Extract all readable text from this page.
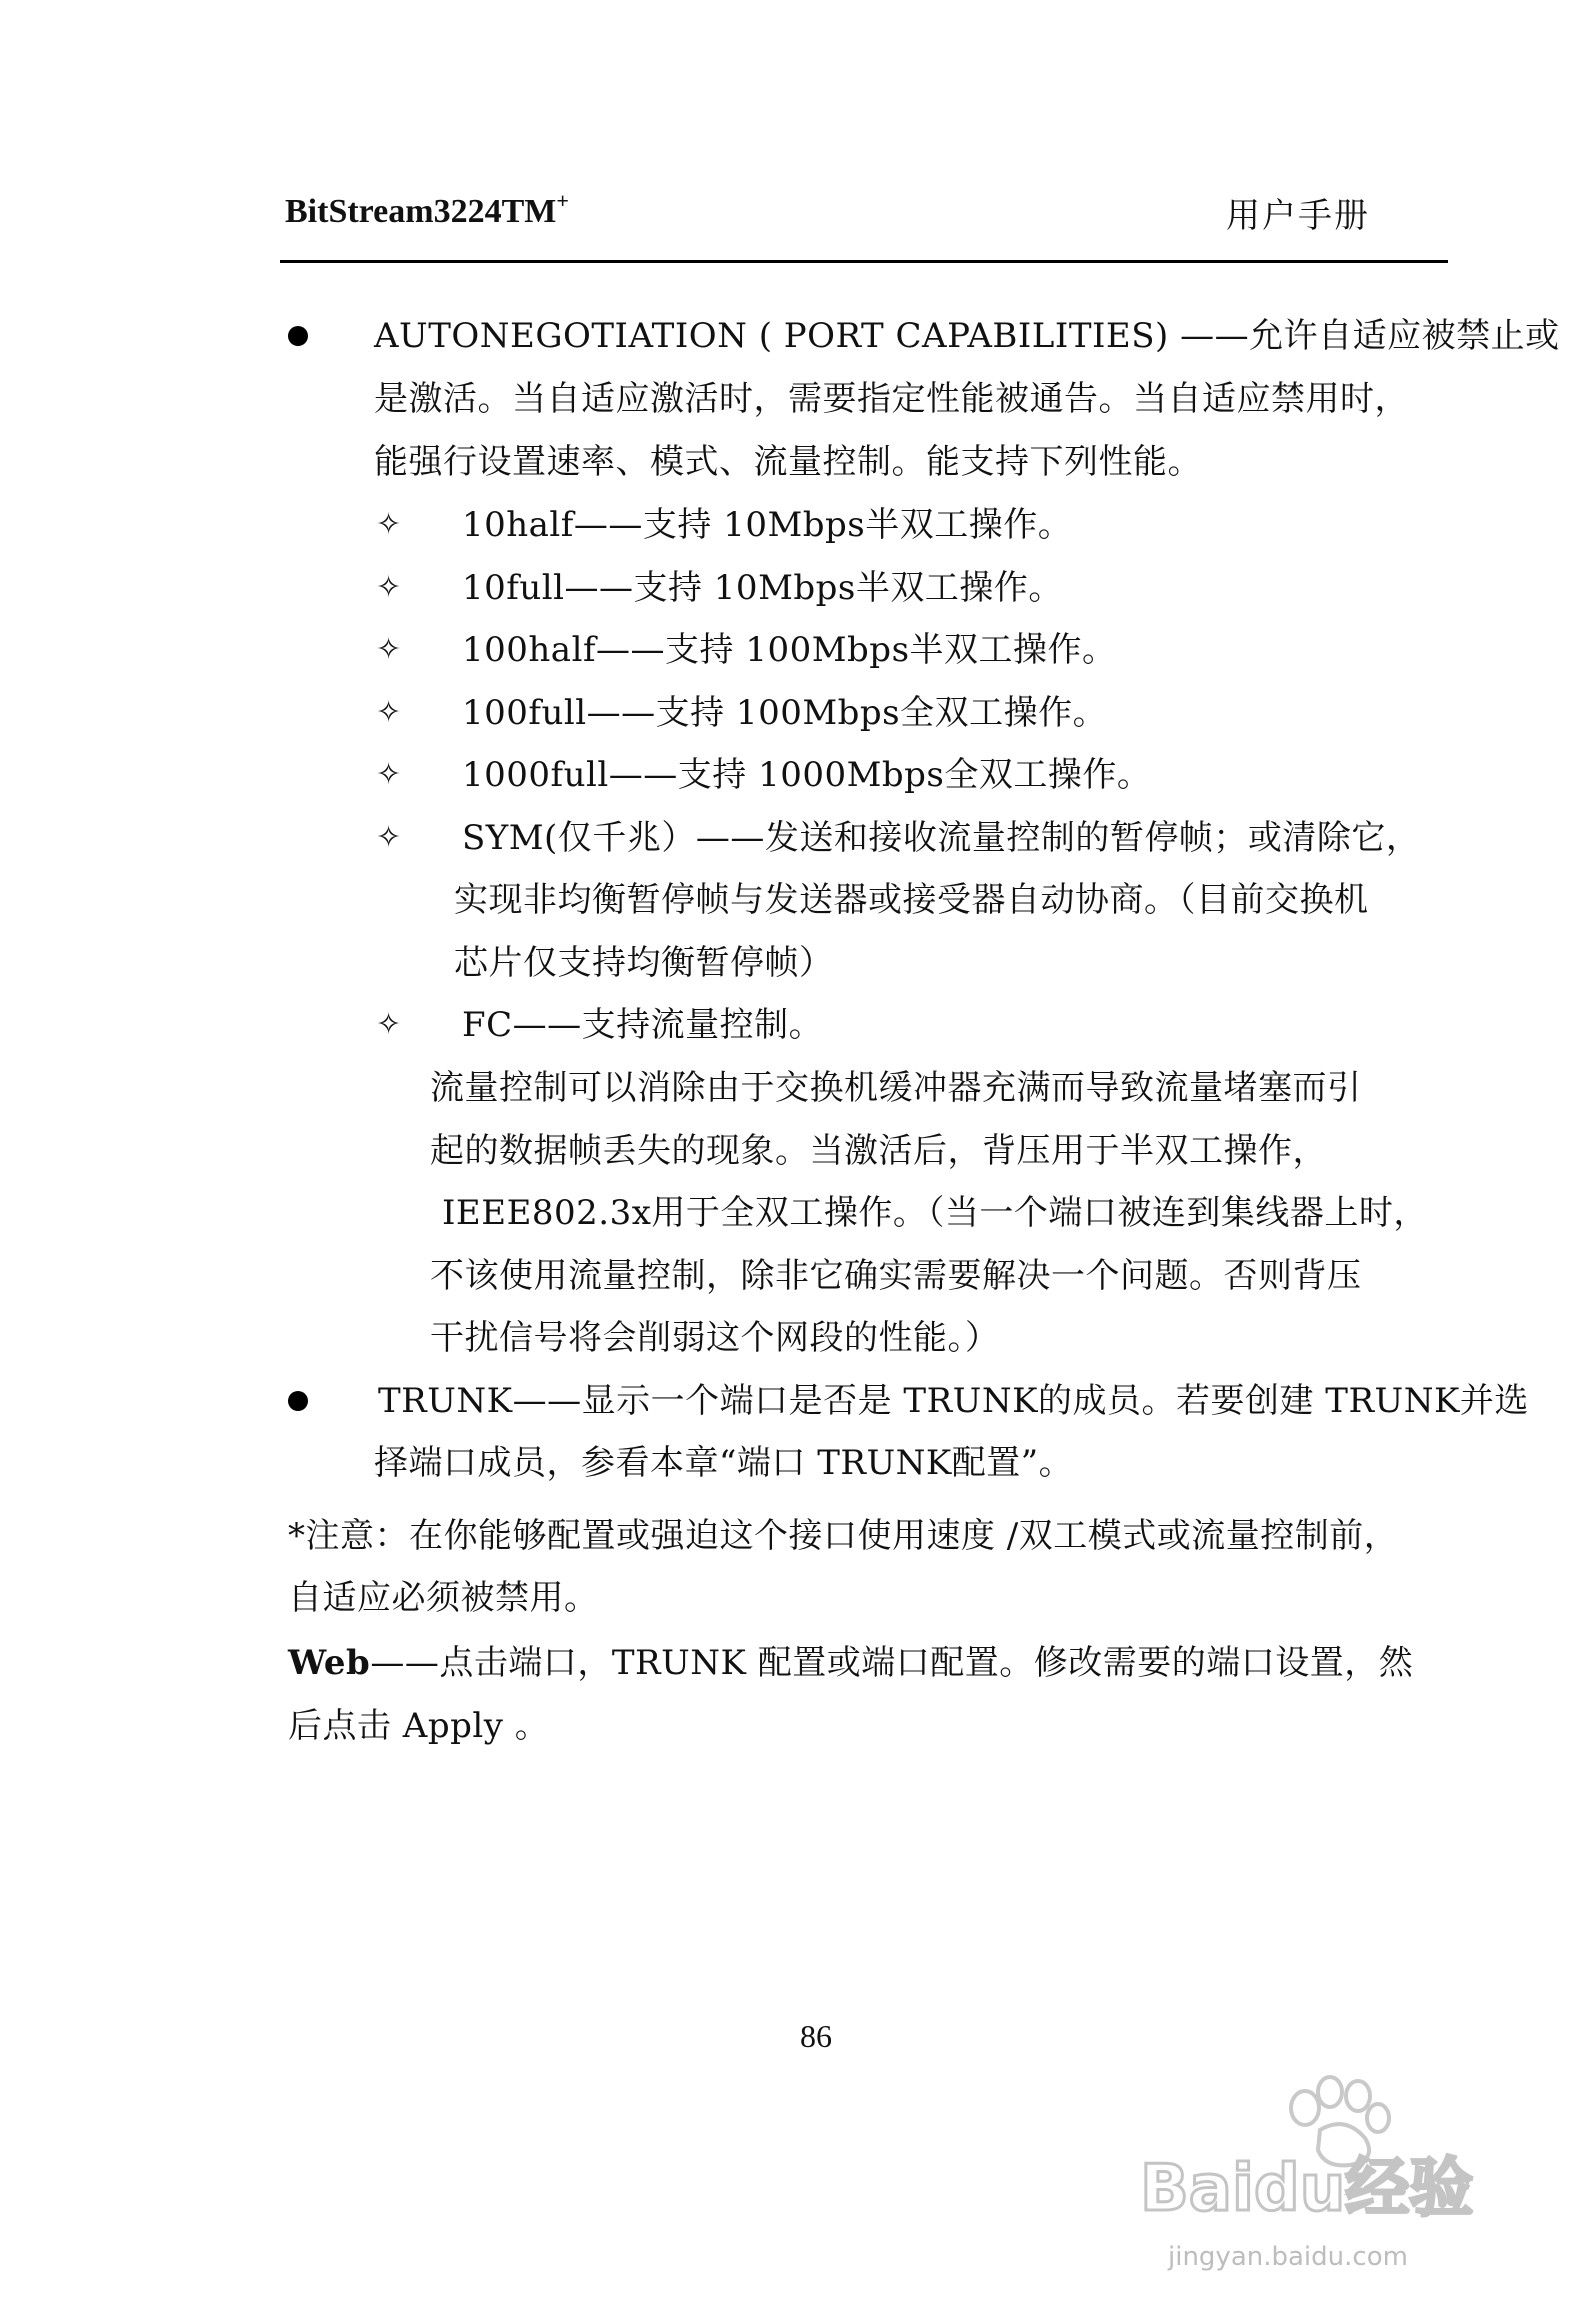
BitStream3224TM+	用户手册
AUTONEGOTIATION ( PORT CAPABILITIES) ——允许自适应被禁止或
是激活。当自适应激活时，需要指定性能被通告。当自适应禁用时，
能强行设置速率、模式、流量控制。能支持下列性能。
✧ 10half——支持 10Mbps半双工操作。
✧ 10full——支持 10Mbps半双工操作。
✧ 100half——支持 100Mbps半双工操作。
✧ 100full——支持 100Mbps全双工操作。
✧ 1000full——支持 1000Mbps全双工操作。
✧ SYM(仅千兆）——发送和接收流量控制的暂停帧；或清除它，
实现非均衡暂停帧与发送器或接受器自动协商。（目前交换机
芯片仅支持均衡暂停帧）
✧ FC——支持流量控制。
流量控制可以消除由于交换机缓冲器充满而导致流量堵塞而引
起的数据帧丢失的现象。当激活后，背压用于半双工操作，
IEEE802.3x用于全双工操作。（当一个端口被连到集线器上时，
不该使用流量控制，除非它确实需要解决一个问题。否则背压
干扰信号将会削弱这个网段的性能。）
TRUNK——显示一个端口是否是 TRUNK的成员。若要创建 TRUNK并选
择端口成员，参看本章“端口 TRUNK配置”。
*注意：在你能够配置或强迫这个接口使用速度 /双工模式或流量控制前，
自适应必须被禁用。
Web——点击端口，TRUNK 配置或端口配置。修改需要的端口设置，然
后点击 Apply 。
86
Baidu经验
jingyan.baidu.com
